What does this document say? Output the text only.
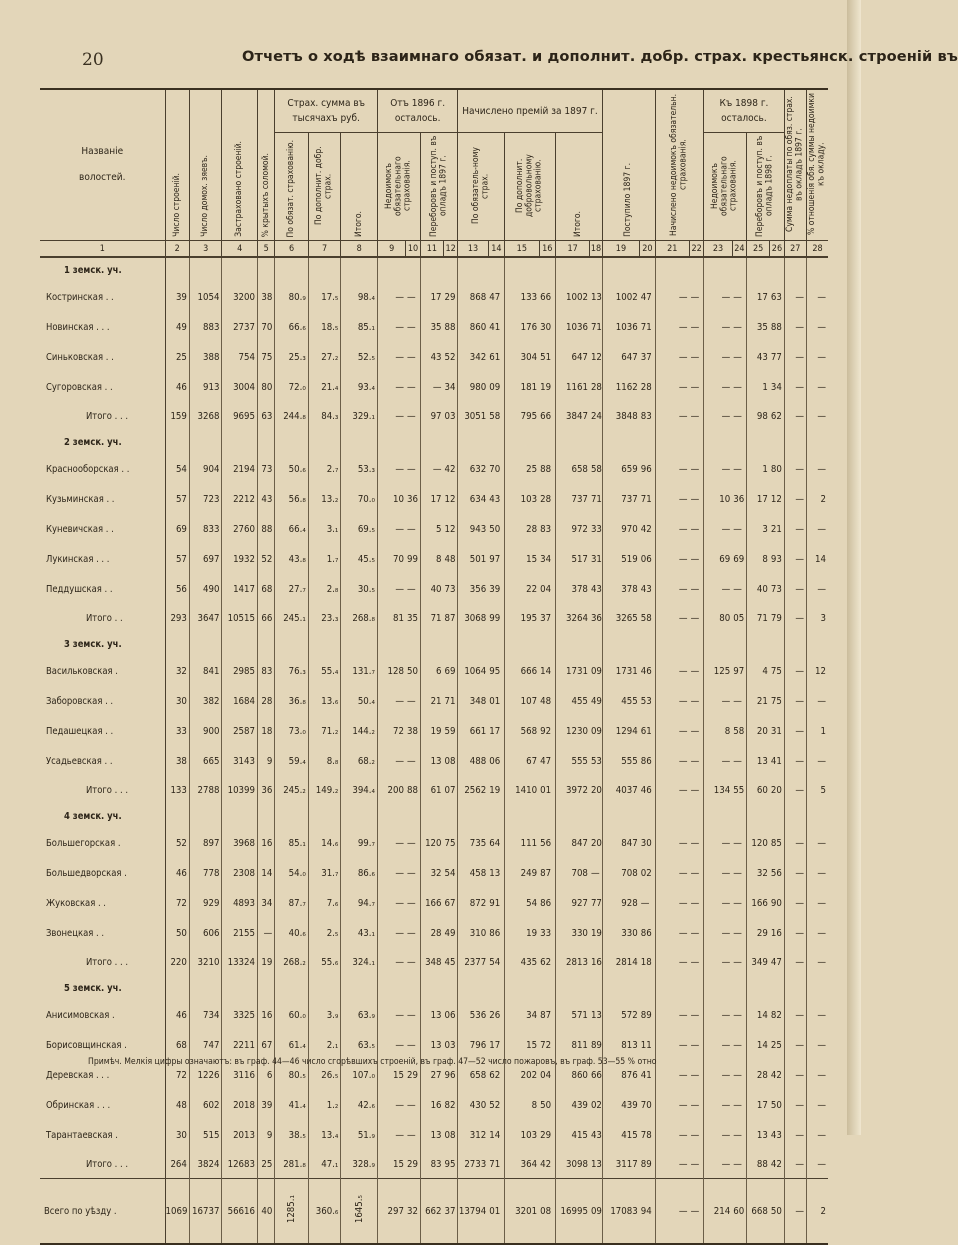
20	Отчетъ о ходѣ взаимнаго обязат. и дополнит. добр. страх. крестьянск. строеній въ
Названіе
волостей.	Число строеній.	Число домох. зяевъ.	Застраховано строеній.	% крытыхъ соломой.	Страх. сумма въ тысячахъ руб.			Отъ 1896 г. осталось.				Начислено премій за 1897 г.						Поступило 1897 г.		Начислено недоимокъ обязательн. страхованія.		Къ 1898 г. осталось.				Сумма недоплаты по обяз. страх. въ окладъ 1897 г.	% отношенія обя. суммы недоимки къ окладу.
					По обязат. страхованію.	По дополнит. добр. страх.	Итого.	Недоимокъ обязательнаго страхованія.		Переборовъ и поступ. въ опладъ 1897 г.		По обязатель-ному страх.		По дополнит. добровольному страхованію.		Итого.						Недоимокъ обязательнаго страхованія.		Переборовъ и поступ. въ опладъ 1898 г.			
1	2	3	4	5	6	7	8	9	10	11	12	13	14	15	16	17	18	19	20	21	22	23	24	25	26	27	28
1 земск. уч.																											
Костринская . .	39	1054	3200	38	80.₉	17.₅	98.₄	—	—	17	29	868	47	133	66	1002	13	1002	47	—	—	—	—	17	63	—	—
Новинская . . .	49	883	2737	70	66.₆	18.₅	85.₁	—	—	35	88	860	41	176	30	1036	71	1036	71	—	—	—	—	35	88	—	—
Синьковская . .	25	388	754	75	25.₃	27.₂	52.₅	—	—	43	52	342	61	304	51	647	12	647	37	—	—	—	—	43	77	—	—
Сугоровская . .	46	913	3004	80	72.₀	21.₄	93.₄	—	—	—	34	980	09	181	19	1161	28	1162	28	—	—	—	—	1	34	—	—
Итого . . .	159	3268	9695	63	244.₈	84.₃	329.₁	—	—	97	03	3051	58	795	66	3847	24	3848	83	—	—	—	—	98	62	—	—
2 земск. уч.																											
Краснооборская . .	54	904	2194	73	50.₆	2.₇	53.₃	—	—	—	42	632	70	25	88	658	58	659	96	—	—	—	—	1	80	—	—
Кузьминская . .	57	723	2212	43	56.₈	13.₂	70.₀	10	36	17	12	634	43	103	28	737	71	737	71	—	—	10	36	17	12	—	2
Куневичская . .	69	833	2760	88	66.₄	3.₁	69.₅	—	—	5	12	943	50	28	83	972	33	970	42	—	—	—	—	3	21	—	—
Лукинская . . .	57	697	1932	52	43.₈	1.₇	45.₅	70	99	8	48	501	97	15	34	517	31	519	06	—	—	69	69	8	93	—	14
Педдушская . .	56	490	1417	68	27.₇	2.₈	30.₅	—	—	40	73	356	39	22	04	378	43	378	43	—	—	—	—	40	73	—	—
Итого . .	293	3647	10515	66	245.₁	23.₃	268.₈	81	35	71	87	3068	99	195	37	3264	36	3265	58	—	—	80	05	71	79	—	3
3 земск. уч.																											
Васильковская .	32	841	2985	83	76.₃	55.₄	131.₇	128	50	6	69	1064	95	666	14	1731	09	1731	46	—	—	125	97	4	75	—	12
Заборовская . .	30	382	1684	28	36.₈	13.₆	50.₄	—	—	21	71	348	01	107	48	455	49	455	53	—	—	—	—	21	75	—	—
Педашецкая . .	33	900	2587	18	73.₀	71.₂	144.₂	72	38	19	59	661	17	568	92	1230	09	1294	61	—	—	8	58	20	31	—	1
Усадьевская . .	38	665	3143	9	59.₄	8.₈	68.₂	—	—	13	08	488	06	67	47	555	53	555	86	—	—	—	—	13	41	—	—
Итого . . .	133	2788	10399	36	245.₂	149.₂	394.₄	200	88	61	07	2562	19	1410	01	3972	20	4037	46	—	—	134	55	60	20	—	5
4 земск. уч.																											
Большегорская .	52	897	3968	16	85.₁	14.₆	99.₇	—	—	120	75	735	64	111	56	847	20	847	30	—	—	—	—	120	85	—	—
Большедворская .	46	778	2308	14	54.₀	31.₇	86.₆	—	—	32	54	458	13	249	87	708	—	708	02	—	—	—	—	32	56	—	—
Жуковская . .	72	929	4893	34	87.₇	7.₆	94.₇	—	—	166	67	872	91	54	86	927	77	928	—	—	—	—	—	166	90	—	—
Звонецкая . .	50	606	2155	—	40.₆	2.₅	43.₁	—	—	28	49	310	86	19	33	330	19	330	86	—	—	—	—	29	16	—	—
Итого . . .	220	3210	13324	19	268.₂	55.₆	324.₁	—	—	348	45	2377	54	435	62	2813	16	2814	18	—	—	—	—	349	47	—	—
5 земск. уч.																											
Анисимовская .	46	734	3325	16	60.₀	3.₉	63.₉	—	—	13	06	536	26	34	87	571	13	572	89	—	—	—	—	14	82	—	—
Борисовщинская .	68	747	2211	67	61.₄	2.₁	63.₅	—	—	13	03	796	17	15	72	811	89	813	11	—	—	—	—	14	25	—	—
Деревская . . .	72	1226	3116	6	80.₅	26.₅	107.₀	15	29	27	96	658	62	202	04	860	66	876	41	—	—	—	—	28	42	—	—
Обринская . . .	48	602	2018	39	41.₄	1.₂	42.₆	—	—	16	82	430	52	8	50	439	02	439	70	—	—	—	—	17	50	—	—
Тарантаевская .	30	515	2013	9	38.₅	13.₄	51.₉	—	—	13	08	312	14	103	29	415	43	415	78	—	—	—	—	13	43	—	—
Итого . . .	264	3824	12683	25	281.₈	47.₁	328.₉	15	29	83	95	2733	71	364	42	3098	13	3117	89	—	—	—	—	88	42	—	—
Всего по уѣзду .	1069	16737	56616	40	1285.₁	360.₆	1645.₅	297	32	662	37	13794	01	3201	08	16995	09	17083	94	—	—	214	60	668	50	—	2
Примѣч. Мелкія цифры означаютъ: въ граф. 44—46 число сгорѣвшихъ строеній, въ граф. 47—52 число пожаровъ, въ граф. 53—55 % отно
